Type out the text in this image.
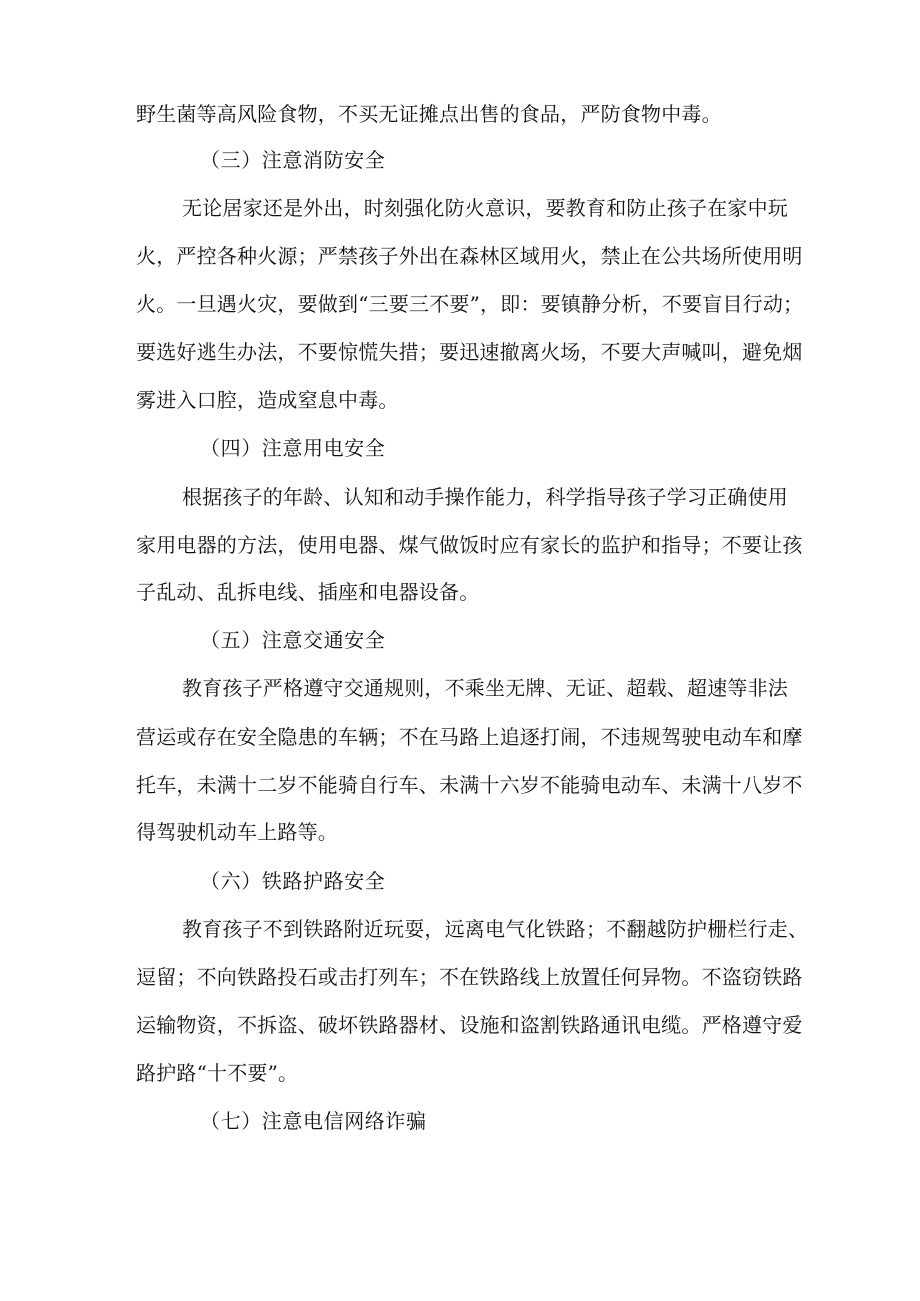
野生菌等高风险食物，不买无证摊点出售的食品，严防食物中毒。
（三）注意消防安全
无论居家还是外出，时刻强化防火意识，要教育和防止孩子在家中玩
火，严控各种火源；严禁孩子外出在森林区域用火，禁止在公共场所使用明
火。一旦遇火灾，要做到“三要三不要”，即：要镇静分析，不要盲目行动；
要选好逃生办法，不要惊慌失措；要迅速撤离火场，不要大声喊叫，避免烟
雾进入口腔，造成窒息中毒。
（四）注意用电安全
根据孩子的年龄、认知和动手操作能力，科学指导孩子学习正确使用
家用电器的方法，使用电器、煤气做饭时应有家长的监护和指导；不要让孩
子乱动、乱拆电线、插座和电器设备。
（五）注意交通安全
教育孩子严格遵守交通规则，不乘坐无牌、无证、超载、超速等非法
营运或存在安全隐患的车辆；不在马路上追逐打闹，不违规驾驶电动车和摩
托车，未满十二岁不能骑自行车、未满十六岁不能骑电动车、未满十八岁不
得驾驶机动车上路等。
（六）铁路护路安全
教育孩子不到铁路附近玩耍，远离电气化铁路；不翻越防护栅栏行走、
逗留；不向铁路投石或击打列车；不在铁路线上放置任何异物。不盗窃铁路
运输物资，不拆盗、破坏铁路器材、设施和盗割铁路通讯电缆。严格遵守爱
路护路“十不要”。
（七）注意电信网络诈骗
